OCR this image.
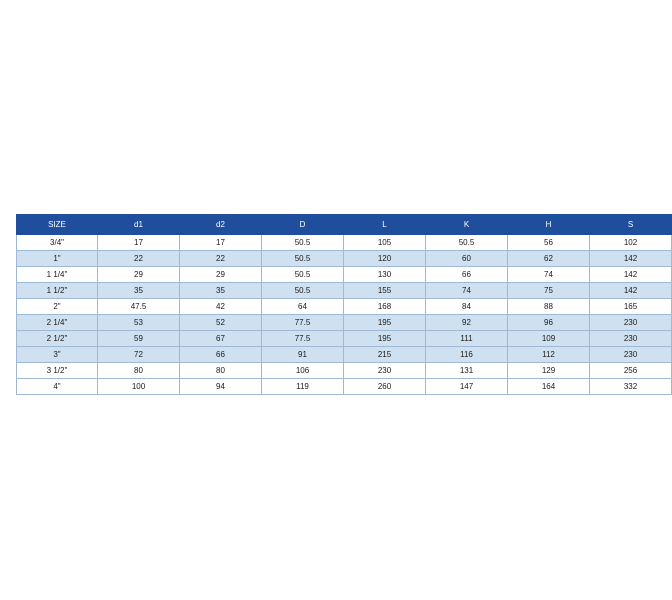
SIZE	d1	d2	D	L	K	H	S
3/4"	17	17	50.5	105	50.5	56	102
1"	22	22	50.5	120	60	62	142
1 1/4"	29	29	50.5	130	66	74	142
1 1/2"	35	35	50.5	155	74	75	142
2"	47.5	42	64	168	84	88	165
2 1/4"	53	52	77.5	195	92	96	230
2 1/2"	59	67	77.5	195	111	109	230
3"	72	66	91	215	116	112	230
3 1/2"	80	80	106	230	131	129	256
4"	100	94	119	260	147	164	332
